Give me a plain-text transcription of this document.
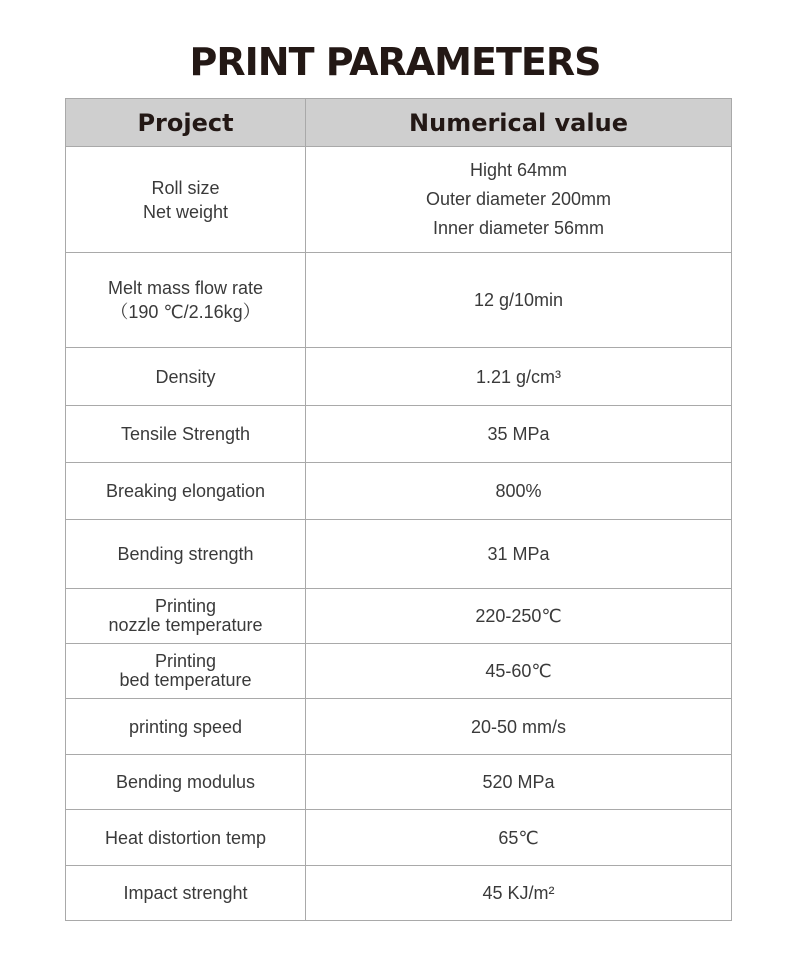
PRINT PARAMETERS
Project	Numerical value

Roll size
Net weight	Hight 64mm
Outer diameter 200mm
Inner diameter 56mm

Melt mass flow rate
（190 ℃/2.16kg）	12 g/10min

Density	1.21 g/cm³

Tensile Strength	35 MPa

Breaking elongation	800%

Bending strength	31 MPa

Printing
nozzle temperature	220-250℃

Printing
bed temperature	45-60℃

printing speed	20-50 mm/s

Bending modulus	520 MPa

Heat distortion temp	65℃

Impact strenght	45 KJ/m²
